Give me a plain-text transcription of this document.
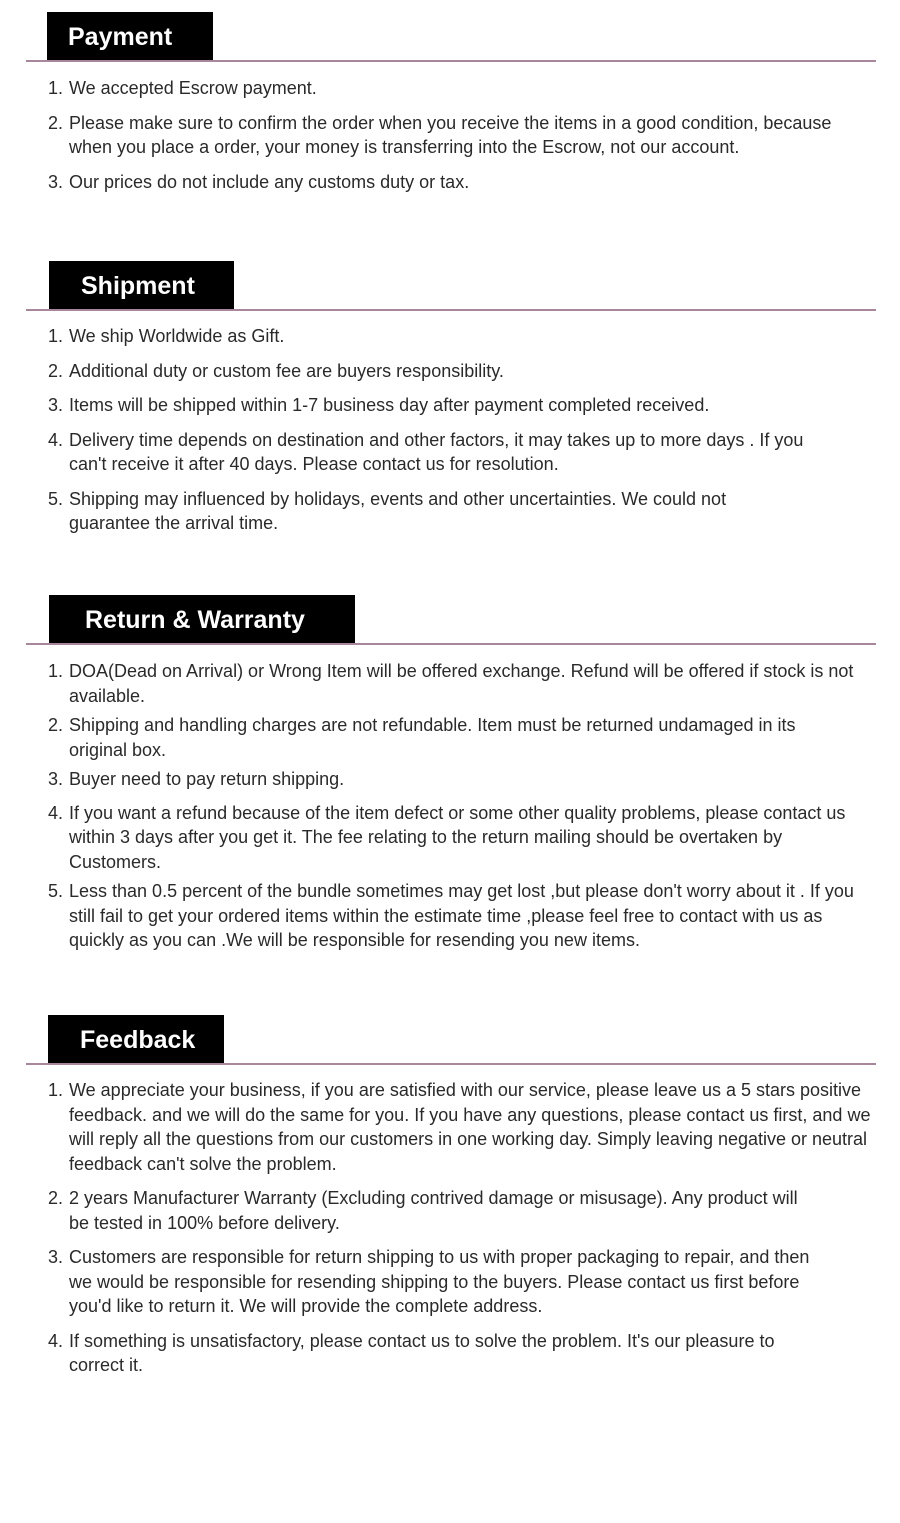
Payment
1. We accepted Escrow payment.
2. Please make sure to confirm the order when you receive the items in a good condition, because when you place a order, your money is transferring into the Escrow, not our account.
3. Our prices do not include any customs duty or tax.
Shipment
1. We ship Worldwide as Gift.
2. Additional duty or custom fee are buyers responsibility.
3. Items will be shipped within 1-7 business day after payment completed received.
4. Delivery time depends on destination and other factors, it may takes up to more days . If you can't receive it after 40 days. Please contact us for resolution.
5. Shipping may influenced by holidays, events and other uncertainties. We could not guarantee the arrival time.
Return & Warranty
1. DOA(Dead on Arrival) or Wrong Item will be offered exchange. Refund will be offered if stock is not available.
2. Shipping and handling charges are not refundable. Item must be returned undamaged in its original box.
3. Buyer need to pay return shipping.
4. If you want a refund because of the item defect or some other quality problems, please contact us within 3 days after you get it. The fee relating to the return mailing should be overtaken by Customers.
5. Less than 0.5 percent of the bundle sometimes may get lost ,but please don't worry about it . If you still fail to get your ordered items within the estimate time ,please feel free to contact with us as quickly as you can .We will be responsible for resending you new items.
Feedback
1. We appreciate your business, if you are satisfied with our service, please leave us a 5 stars positive feedback. and we will do the same for you. If you have any questions, please contact us first, and we will reply all the questions from our customers in one working day. Simply leaving negative or neutral feedback can't solve the problem.
2. 2 years Manufacturer Warranty (Excluding contrived damage or misusage). Any product will be tested in 100% before delivery.
3. Customers are responsible for return shipping to us with proper packaging to repair, and then we would be responsible for resending shipping to the buyers. Please contact us first before you'd like to return it. We will provide the complete address.
4. If something is unsatisfactory, please contact us to solve the problem. It's our pleasure to correct it.
